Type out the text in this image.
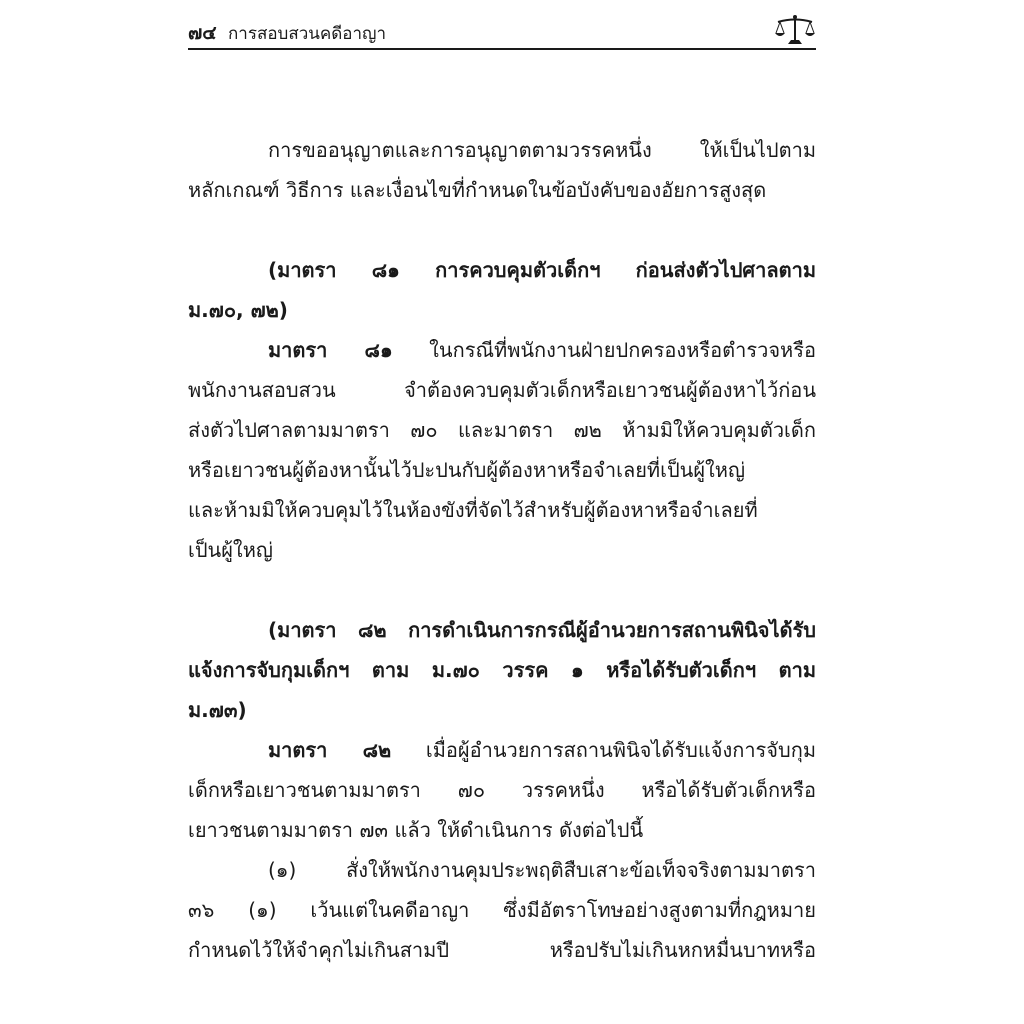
๗๔ การสอบสวนคดีอาญา
การขออนุญาตและการอนุญาตตามวรรคหนึ่ง ให้เป็นไปตาม
หลักเกณฑ์ วิธีการ และเงื่อนไขที่กำหนดในข้อบังคับของอัยการสูงสุด
(มาตรา ๘๑ การควบคุมตัวเด็กฯ ก่อนส่งตัวไปศาลตาม
ม.๗๐, ๗๒)
มาตรา ๘๑ ในกรณีที่พนักงานฝ่ายปกครองหรือตำรวจหรือ
พนักงานสอบสวน จำต้องควบคุมตัวเด็กหรือเยาวชนผู้ต้องหาไว้ก่อน
ส่งตัวไปศาลตามมาตรา ๗๐ และมาตรา ๗๒ ห้ามมิให้ควบคุมตัวเด็ก
หรือเยาวชนผู้ต้องหานั้นไว้ปะปนกับผู้ต้องหาหรือจำเลยที่เป็นผู้ใหญ่
และห้ามมิให้ควบคุมไว้ในห้องขังที่จัดไว้สำหรับผู้ต้องหาหรือจำเลยที่
เป็นผู้ใหญ่
(มาตรา ๘๒ การดำเนินการกรณีผู้อำนวยการสถานพินิจได้รับ
แจ้งการจับกุมเด็กฯ ตาม ม.๗๐ วรรค ๑ หรือได้รับตัวเด็กฯ ตาม
ม.๗๓)
มาตรา ๘๒ เมื่อผู้อำนวยการสถานพินิจได้รับแจ้งการจับกุม
เด็กหรือเยาวชนตามมาตรา ๗๐ วรรคหนึ่ง หรือได้รับตัวเด็กหรือ
เยาวชนตามมาตรา ๗๓ แล้ว ให้ดำเนินการ ดังต่อไปนี้
(๑) สั่งให้พนักงานคุมประพฤติสืบเสาะข้อเท็จจริงตามมาตรา
๓๖ (๑) เว้นแต่ในคดีอาญา ซึ่งมีอัตราโทษอย่างสูงตามที่กฎหมาย
กำหนดไว้ให้จำคุกไม่เกินสามปี หรือปรับไม่เกินหกหมื่นบาทหรือ
